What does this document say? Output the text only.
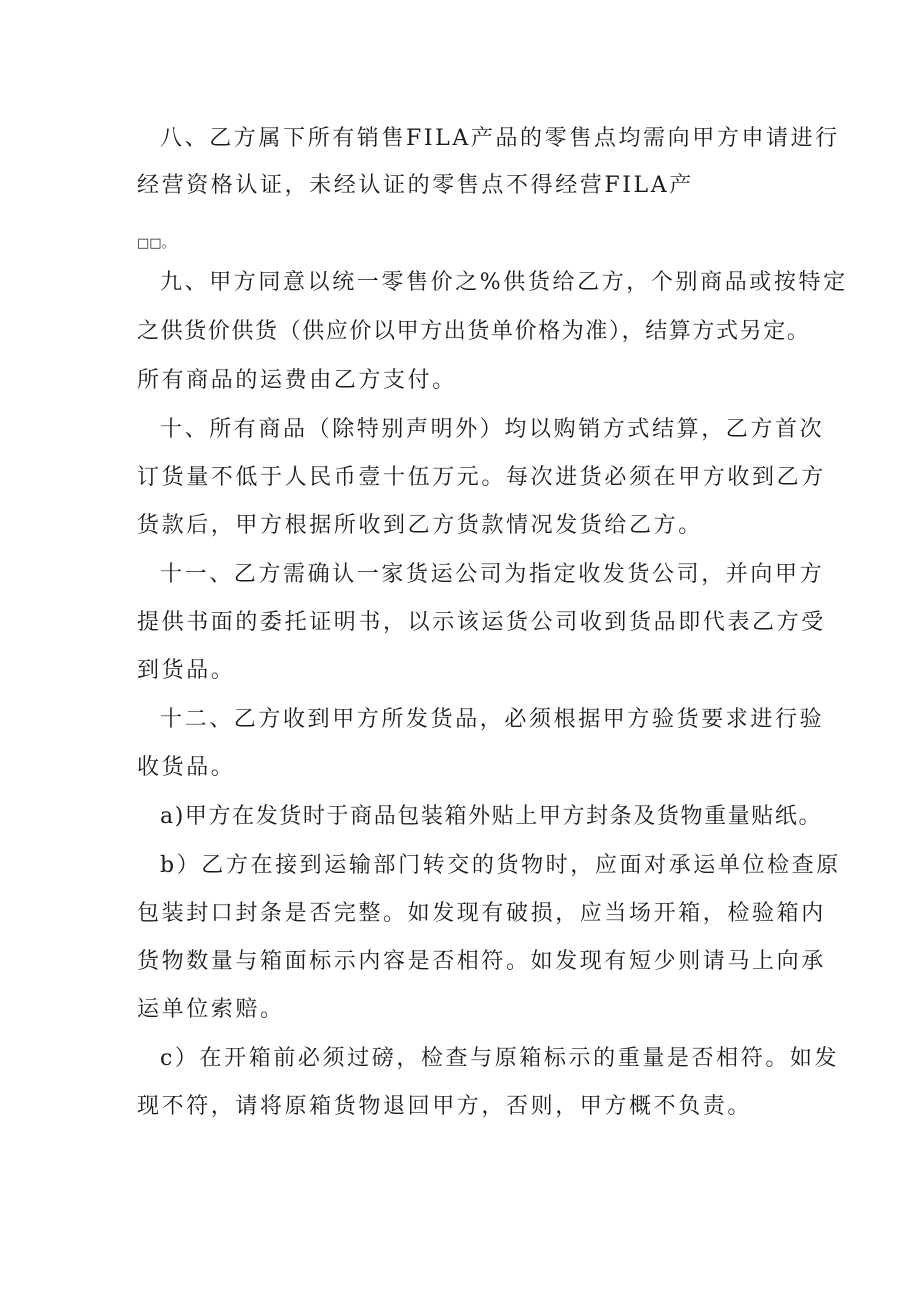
八、乙方属下所有销售FILA产品的零售点均需向甲方申请进行
经营资格认证，未经认证的零售点不得经营FILA产
□□。
九、甲方同意以统一零售价之%供货给乙方，个别商品或按特定
之供货价供货（供应价以甲方出货单价格为准），结算方式另定。
所有商品的运费由乙方支付。
十、所有商品（除特别声明外）均以购销方式结算，乙方首次
订货量不低于人民币壹十伍万元。每次进货必须在甲方收到乙方
货款后，甲方根据所收到乙方货款情况发货给乙方。
十一、乙方需确认一家货运公司为指定收发货公司，并向甲方
提供书面的委托证明书，以示该运货公司收到货品即代表乙方受
到货品。
十二、乙方收到甲方所发货品，必须根据甲方验货要求进行验
收货品。
a)甲方在发货时于商品包装箱外贴上甲方封条及货物重量贴纸。
b）乙方在接到运输部门转交的货物时，应面对承运单位检查原
包装封口封条是否完整。如发现有破损，应当场开箱，检验箱内
货物数量与箱面标示内容是否相符。如发现有短少则请马上向承
运单位索赔。
c）在开箱前必须过磅，检查与原箱标示的重量是否相符。如发
现不符，请将原箱货物退回甲方，否则，甲方概不负责。
